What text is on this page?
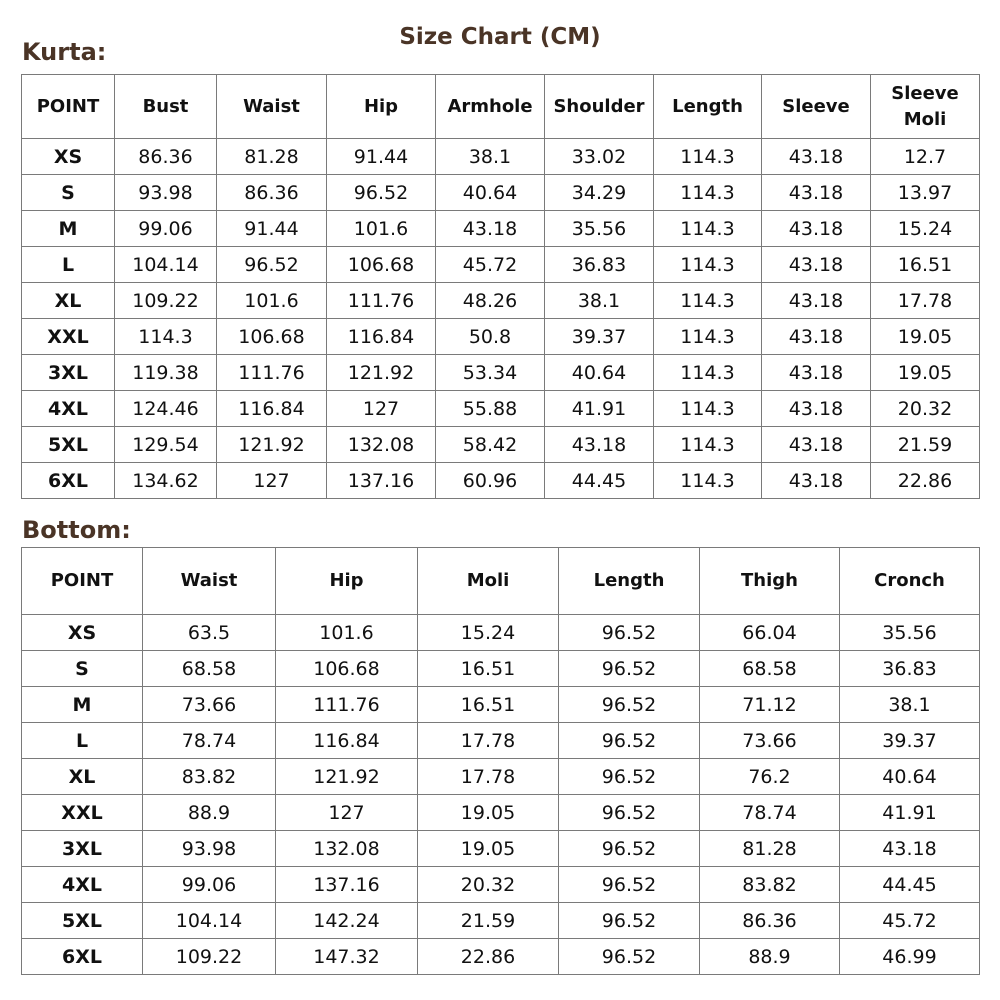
Size Chart (CM)
Kurta:
POINT	Bust	Waist	Hip	Armhole	Shoulder	Length	Sleeve	Sleeve Moli
XS	86.36	81.28	91.44	38.1	33.02	114.3	43.18	12.7
S	93.98	86.36	96.52	40.64	34.29	114.3	43.18	13.97
M	99.06	91.44	101.6	43.18	35.56	114.3	43.18	15.24
L	104.14	96.52	106.68	45.72	36.83	114.3	43.18	16.51
XL	109.22	101.6	111.76	48.26	38.1	114.3	43.18	17.78
XXL	114.3	106.68	116.84	50.8	39.37	114.3	43.18	19.05
3XL	119.38	111.76	121.92	53.34	40.64	114.3	43.18	19.05
4XL	124.46	116.84	127	55.88	41.91	114.3	43.18	20.32
5XL	129.54	121.92	132.08	58.42	43.18	114.3	43.18	21.59
6XL	134.62	127	137.16	60.96	44.45	114.3	43.18	22.86
Bottom:
POINT	Waist	Hip	Moli	Length	Thigh	Cronch
XS	63.5	101.6	15.24	96.52	66.04	35.56
S	68.58	106.68	16.51	96.52	68.58	36.83
M	73.66	111.76	16.51	96.52	71.12	38.1
L	78.74	116.84	17.78	96.52	73.66	39.37
XL	83.82	121.92	17.78	96.52	76.2	40.64
XXL	88.9	127	19.05	96.52	78.74	41.91
3XL	93.98	132.08	19.05	96.52	81.28	43.18
4XL	99.06	137.16	20.32	96.52	83.82	44.45
5XL	104.14	142.24	21.59	96.52	86.36	45.72
6XL	109.22	147.32	22.86	96.52	88.9	46.99
